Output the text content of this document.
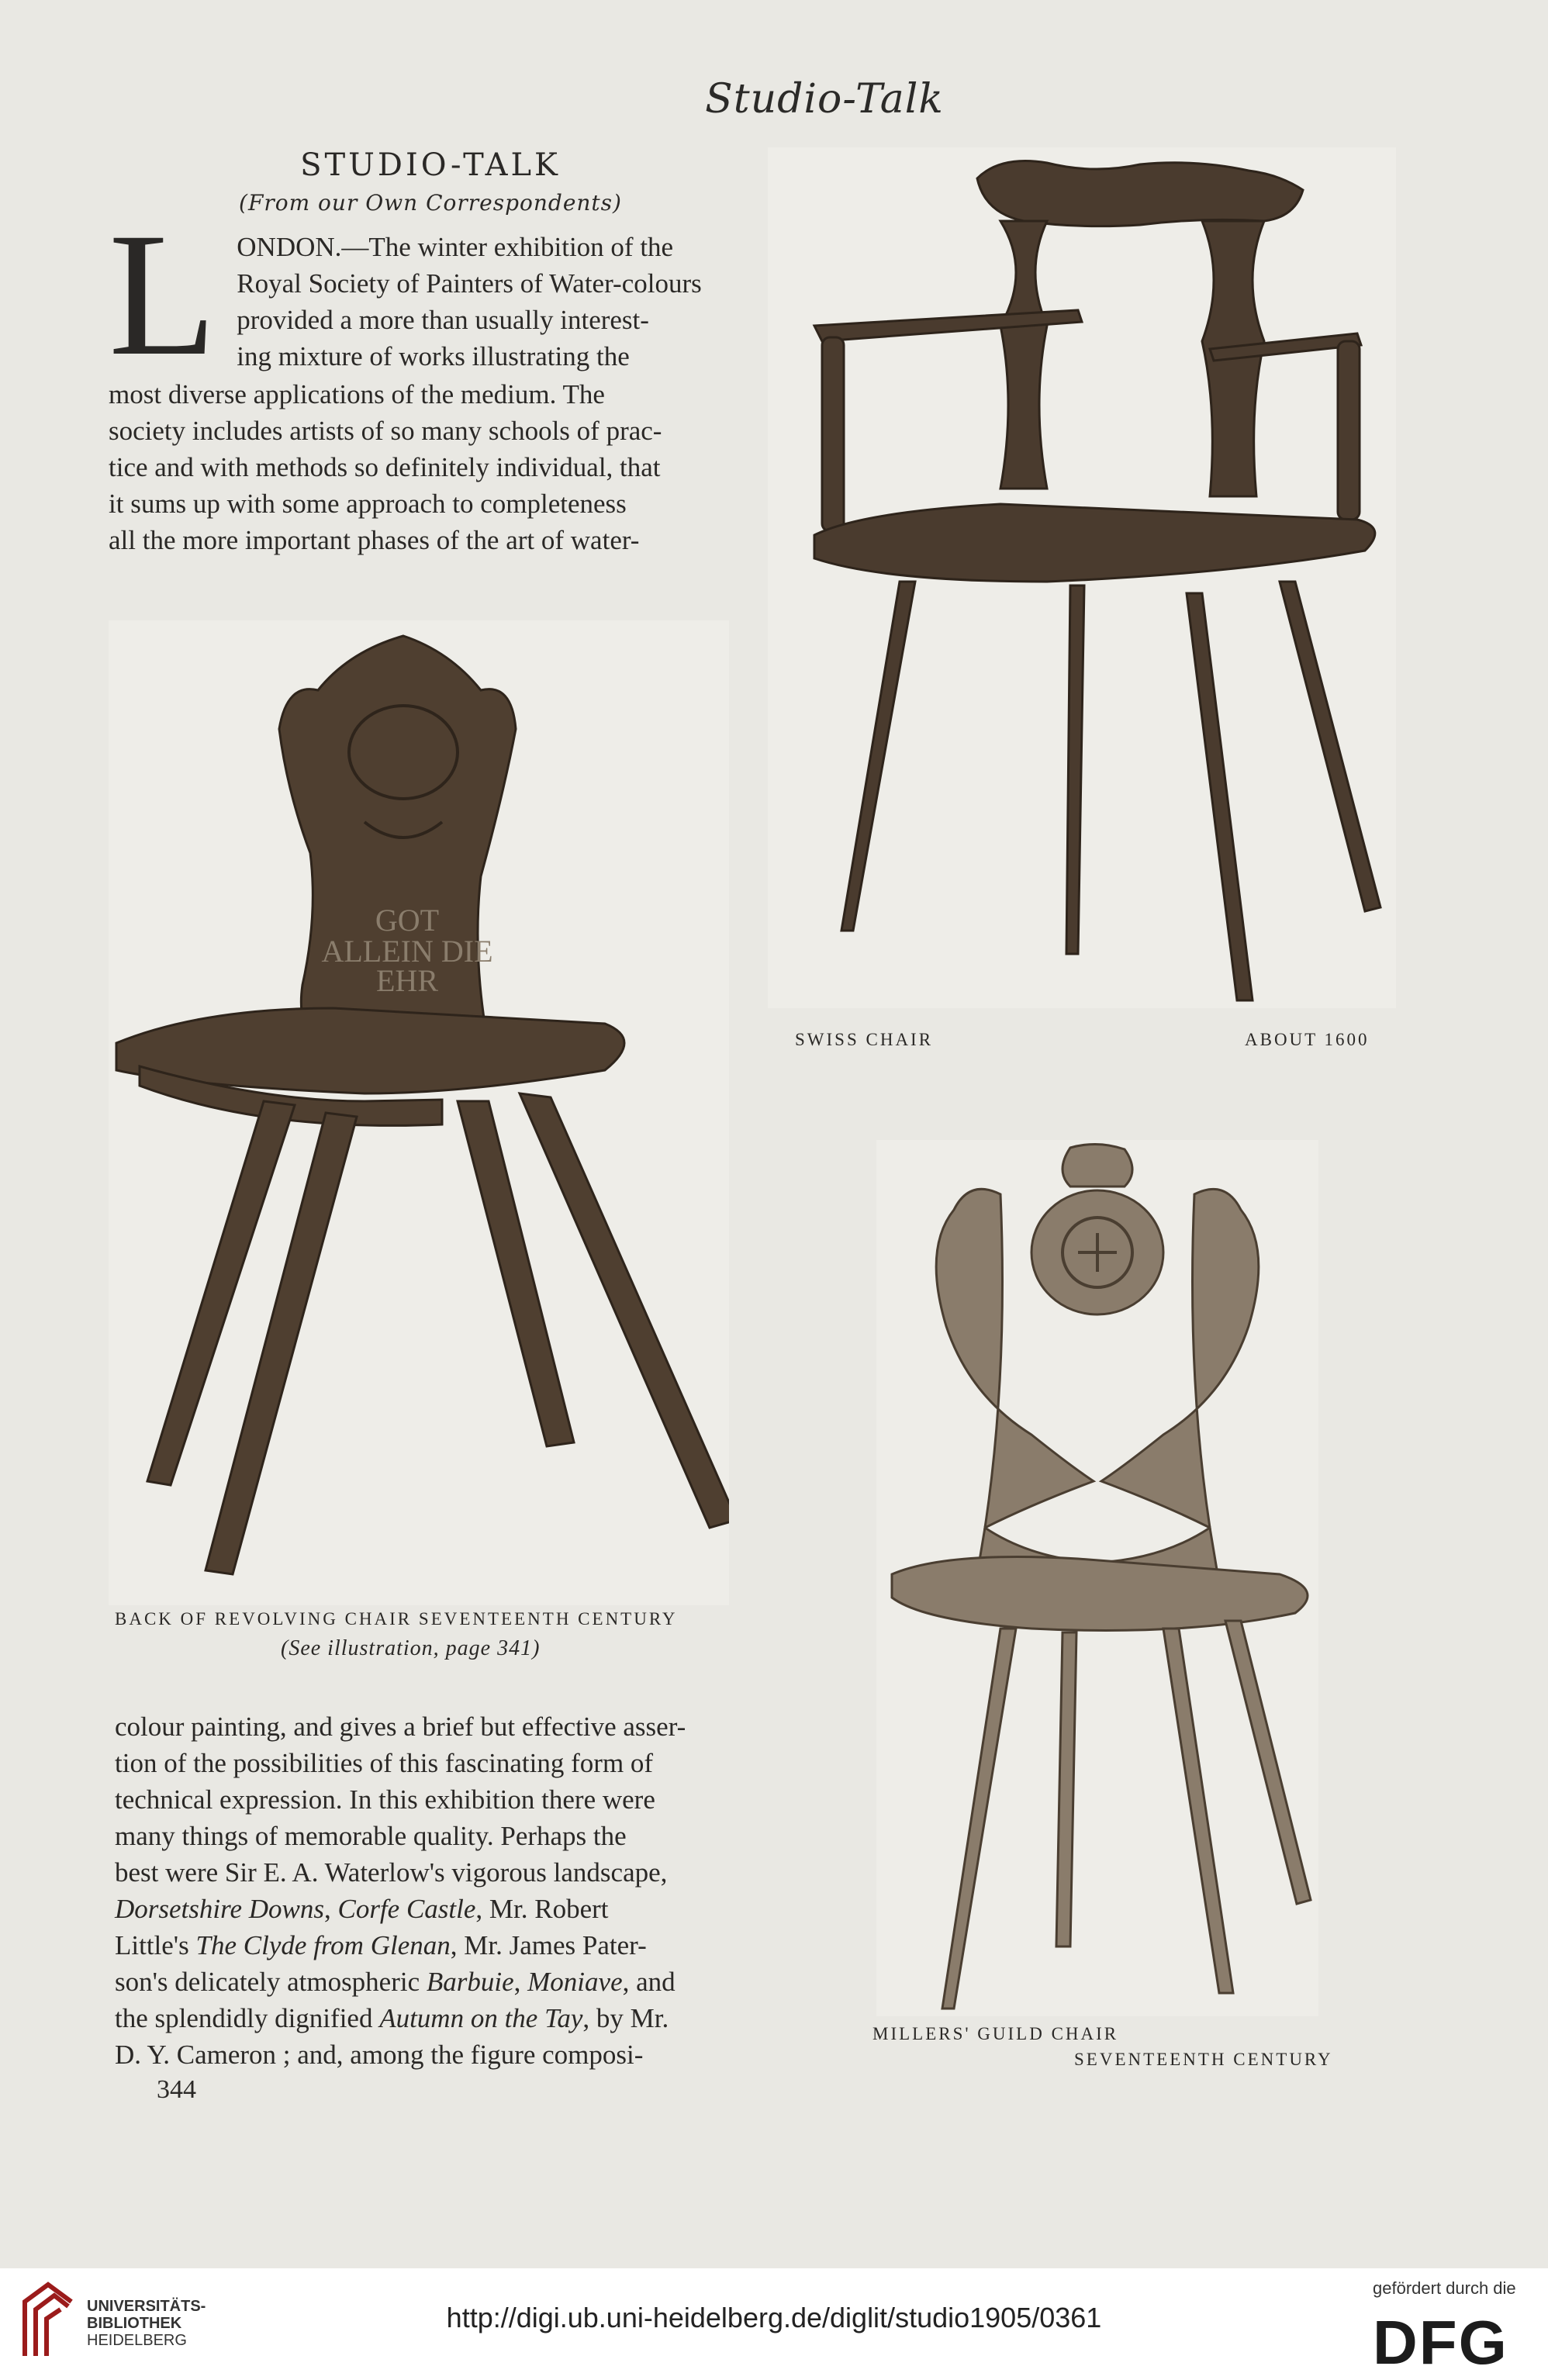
Studio-Talk
STUDIO-TALK
(From our Own Correspondents)
L ONDON.—The winter exhibition of the
Royal Society of Painters of Water-colours
provided a more than usually interest-
ing mixture of works illustrating the
most diverse applications of the medium. The
society includes artists of so many schools of prac-
tice and with methods so definitely individual, that
it sums up with some approach to completeness
all the more important phases of the art of water-
SWISS CHAIR	ABOUT 1600
GOT
ALLEIN DIE
EHR
BACK OF REVOLVING CHAIR SEVENTEENTH CENTURY
(See illustration, page 341)
MILLERS' GUILD CHAIR
SEVENTEENTH CENTURY
colour painting, and gives a brief but effective asser-
tion of the possibilities of this fascinating form of
technical expression. In this exhibition there were
many things of memorable quality. Perhaps the
best were Sir E. A. Waterlow's vigorous landscape,
Dorsetshire Downs, Corfe Castle, Mr. Robert
Little's The Clyde from Glenan, Mr. James Pater-
son's delicately atmospheric Barbuie, Moniave, and
the splendidly dignified Autumn on the Tay, by Mr.
D. Y. Cameron ; and, among the figure composi-
344
UNIVERSITÄTS-
BIBLIOTHEK
HEIDELBERG
http://digi.ub.uni-heidelberg.de/diglit/studio1905/0361
gefördert durch die
DFG
